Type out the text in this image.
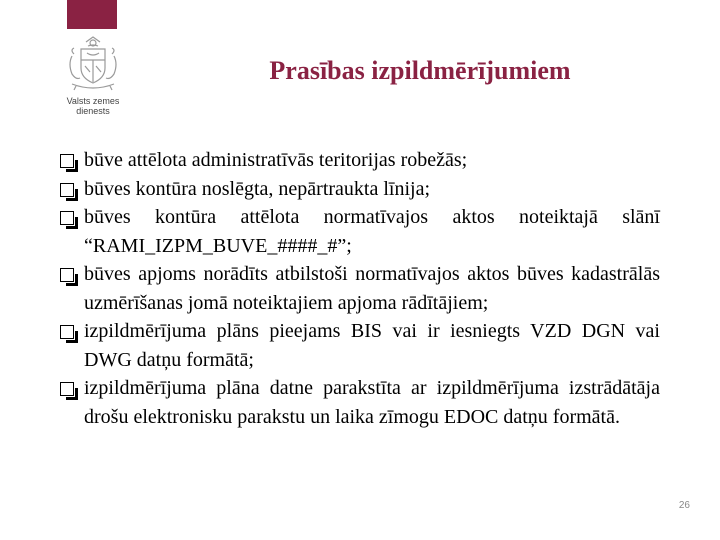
Valsts zemes
dienests
Prasības izpildmērījumiem
būve attēlota administratīvās teritorijas robežās;
būves kontūra noslēgta, nepārtraukta līnija;
būves kontūra attēlota normatīvajos aktos noteiktajā slānī “RAMI_IZPM_BUVE_####_#”;
būves apjoms norādīts atbilstoši normatīvajos aktos būves kadastrālās uzmērīšanas jomā noteiktajiem apjoma rādītājiem;
izpildmērījuma plāns pieejams BIS vai ir iesniegts VZD DGN vai DWG datņu formātā;
izpildmērījuma plāna datne parakstīta ar izpildmērījuma izstrādātāja drošu elektronisku parakstu un laika zīmogu EDOC datņu formātā.
26
